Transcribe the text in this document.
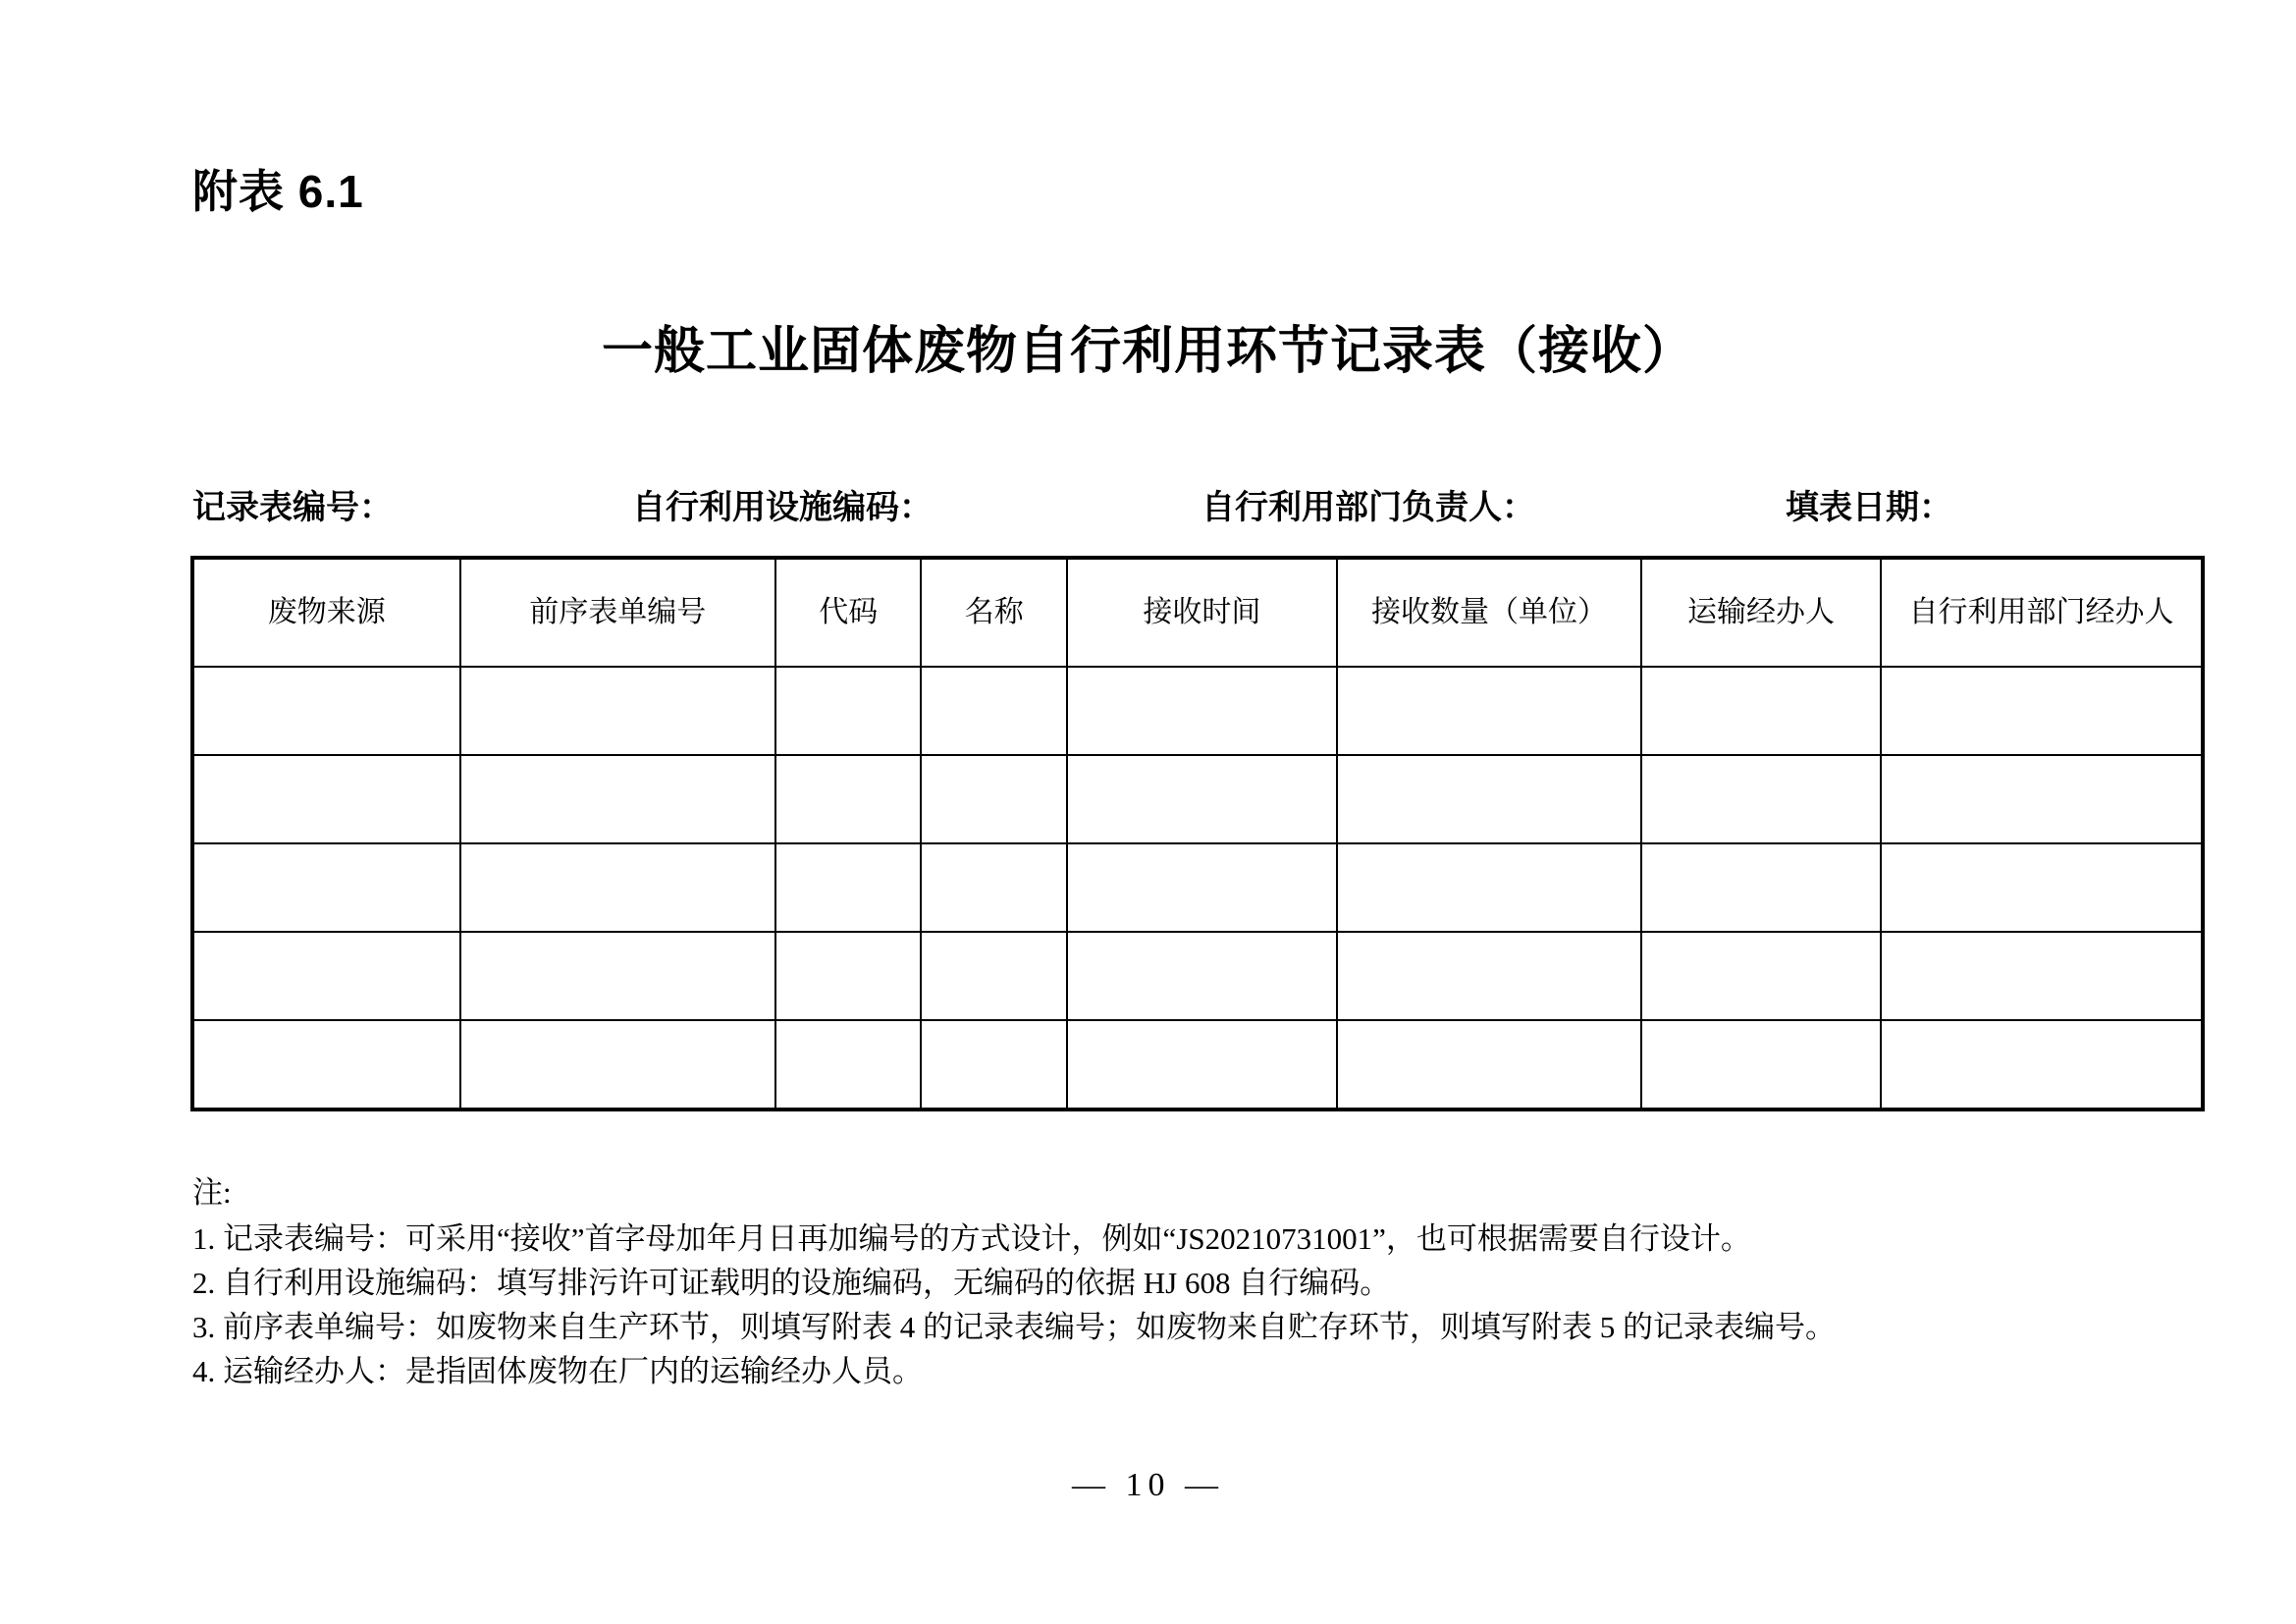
附表 6.1
一般工业固体废物自行利用环节记录表（接收）
记录表编号：	自行利用设施编码：	自行利用部门负责人：	填表日期：
废物来源	前序表单编号	代码	名称	接收时间	接收数量（单位）	运输经办人	自行利用部门经办人

注:

1. 记录表编号：可采用“接收”首字母加年月日再加编号的方式设计，例如“JS20210731001”，也可根据需要自行设计。

2. 自行利用设施编码：填写排污许可证载明的设施编码，无编码的依据 HJ 608 自行编码。

3. 前序表单编号：如废物来自生产环节，则填写附表 4 的记录表编号；如废物来自贮存环节，则填写附表 5 的记录表编号。

4. 运输经办人：是指固体废物在厂内的运输经办人员。

— 10 —
